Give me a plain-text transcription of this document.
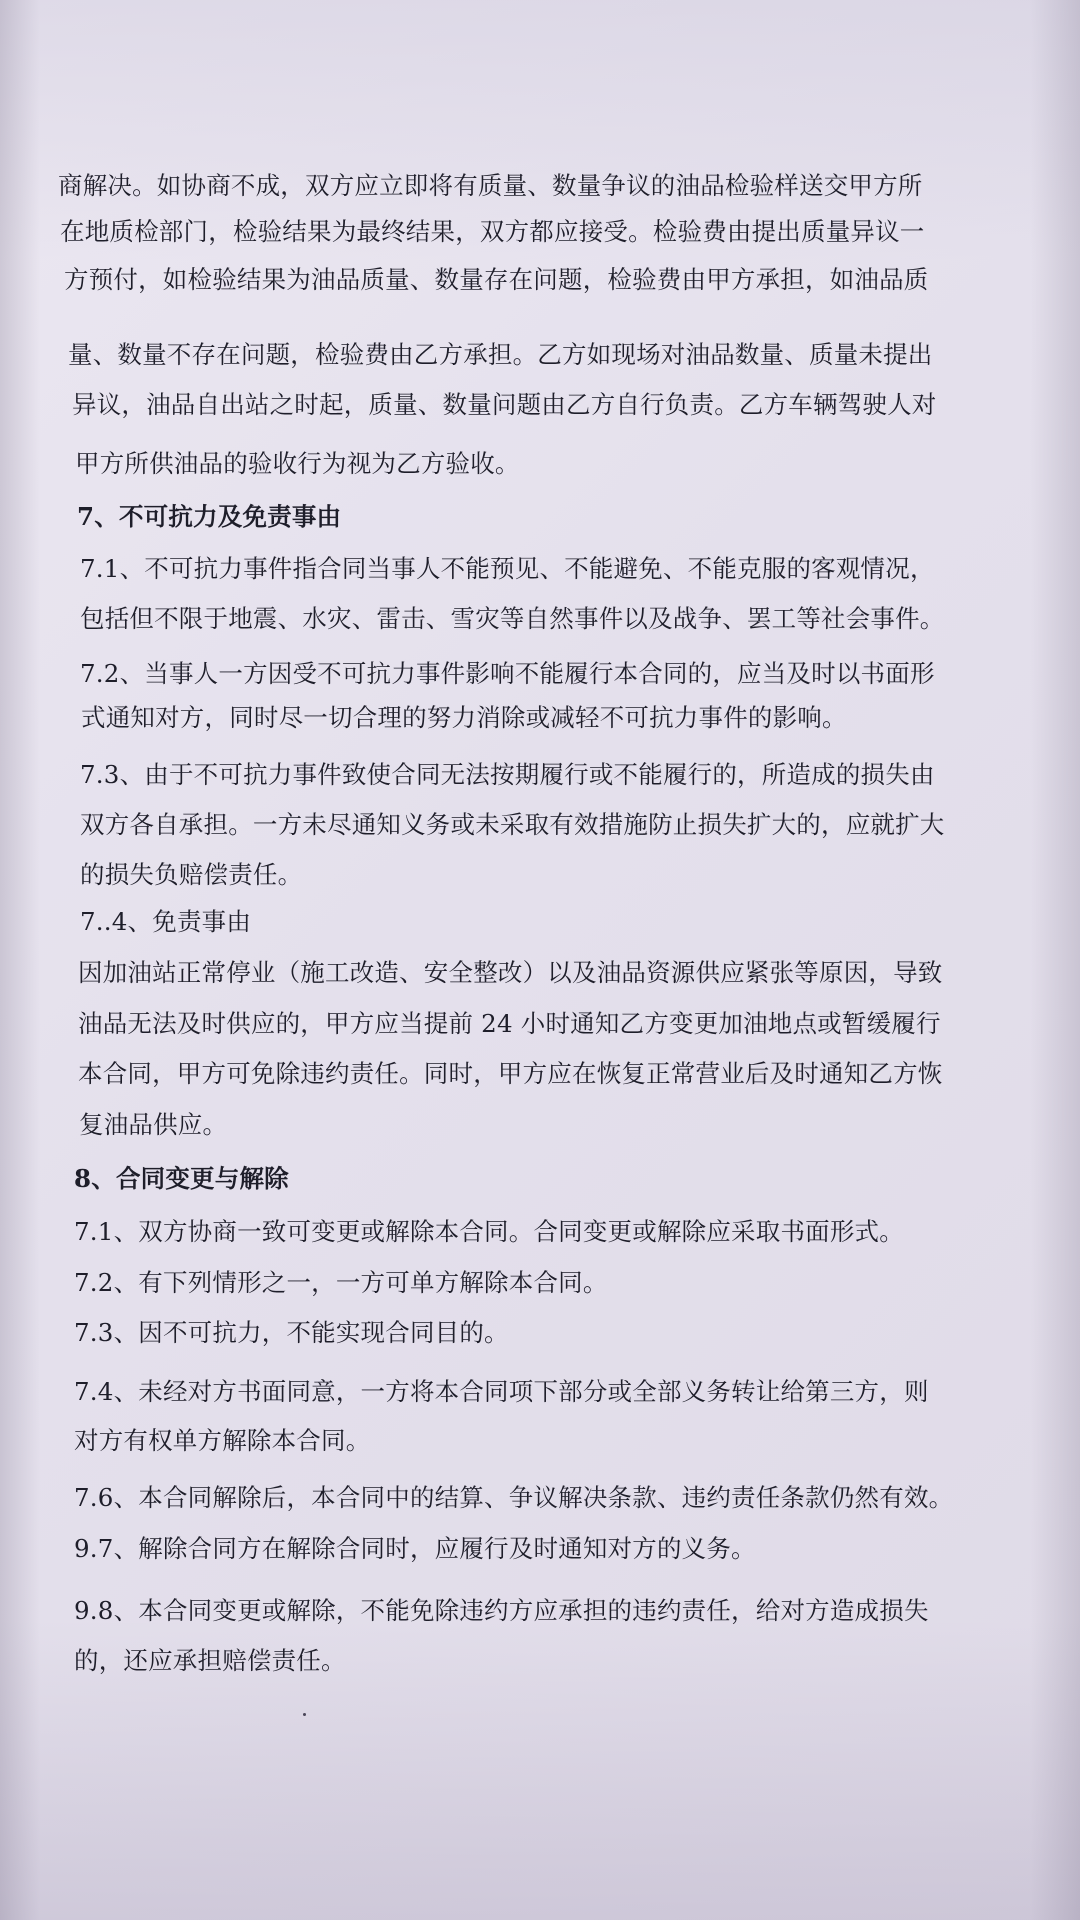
商解决。如协商不成，双方应立即将有质量、数量争议的油品检验样送交甲方所
在地质检部门，检验结果为最终结果，双方都应接受。检验费由提出质量异议一
方预付，如检验结果为油品质量、数量存在问题，检验费由甲方承担，如油品质
量、数量不存在问题，检验费由乙方承担。乙方如现场对油品数量、质量未提出
异议，油品自出站之时起，质量、数量问题由乙方自行负责。乙方车辆驾驶人对
甲方所供油品的验收行为视为乙方验收。
7、不可抗力及免责事由
7.1、不可抗力事件指合同当事人不能预见、不能避免、不能克服的客观情况，
包括但不限于地震、水灾、雷击、雪灾等自然事件以及战争、罢工等社会事件。
7.2、当事人一方因受不可抗力事件影响不能履行本合同的，应当及时以书面形
式通知对方，同时尽一切合理的努力消除或减轻不可抗力事件的影响。
7.3、由于不可抗力事件致使合同无法按期履行或不能履行的，所造成的损失由
双方各自承担。一方未尽通知义务或未采取有效措施防止损失扩大的，应就扩大
的损失负赔偿责任。
7..4、免责事由
因加油站正常停业（施工改造、安全整改）以及油品资源供应紧张等原因，导致
油品无法及时供应的，甲方应当提前 24 小时通知乙方变更加油地点或暂缓履行
本合同，甲方可免除违约责任。同时，甲方应在恢复正常营业后及时通知乙方恢
复油品供应。
8、合同变更与解除
7.1、双方协商一致可变更或解除本合同。合同变更或解除应采取书面形式。
7.2、有下列情形之一，一方可单方解除本合同。
7.3、因不可抗力，不能实现合同目的。
7.4、未经对方书面同意，一方将本合同项下部分或全部义务转让给第三方，则
对方有权单方解除本合同。
7.6、本合同解除后，本合同中的结算、争议解决条款、违约责任条款仍然有效。
9.7、解除合同方在解除合同时，应履行及时通知对方的义务。
9.8、本合同变更或解除，不能免除违约方应承担的违约责任，给对方造成损失
的，还应承担赔偿责任。
